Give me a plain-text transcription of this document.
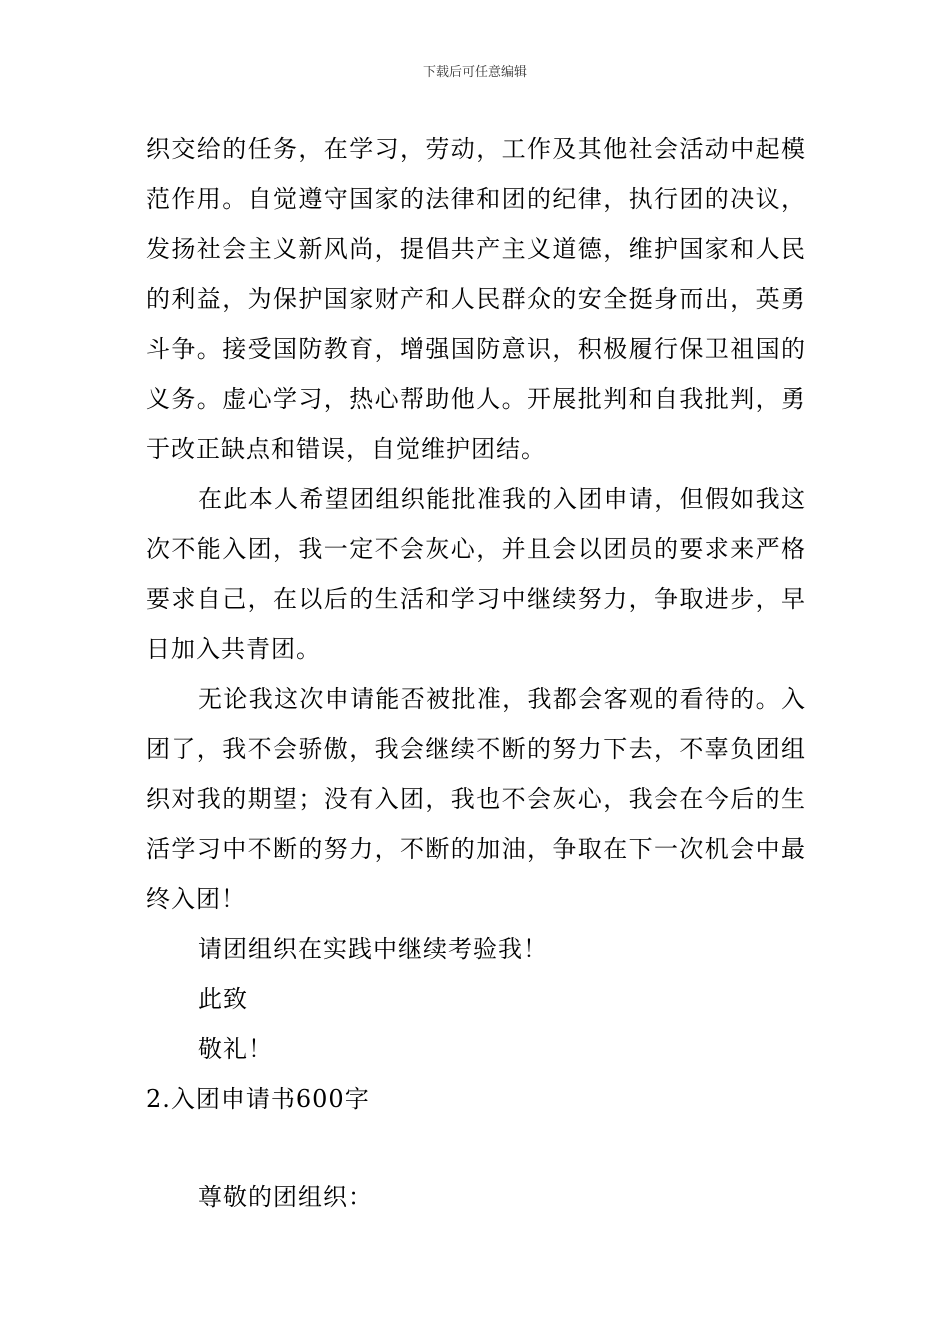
下载后可任意编辑

织交给的任务，在学习，劳动，工作及其他社会活动中起模范作用。自觉遵守国家的法律和团的纪律，执行团的决议，发扬社会主义新风尚，提倡共产主义道德，维护国家和人民的利益，为保护国家财产和人民群众的安全挺身而出，英勇斗争。接受国防教育，增强国防意识，积极履行保卫祖国的义务。虚心学习，热心帮助他人。开展批判和自我批判，勇于改正缺点和错误，自觉维护团结。

在此本人希望团组织能批准我的入团申请，但假如我这次不能入团，我一定不会灰心，并且会以团员的要求来严格要求自己，在以后的生活和学习中继续努力，争取进步，早日加入共青团。

无论我这次申请能否被批准，我都会客观的看待的。入团了，我不会骄傲，我会继续不断的努力下去，不辜负团组织对我的期望；没有入团，我也不会灰心，我会在今后的生活学习中不断的努力，不断的加油，争取在下一次机会中最终入团！

请团组织在实践中继续考验我！

此致

敬礼！

2.入团申请书600字

尊敬的团组织：
